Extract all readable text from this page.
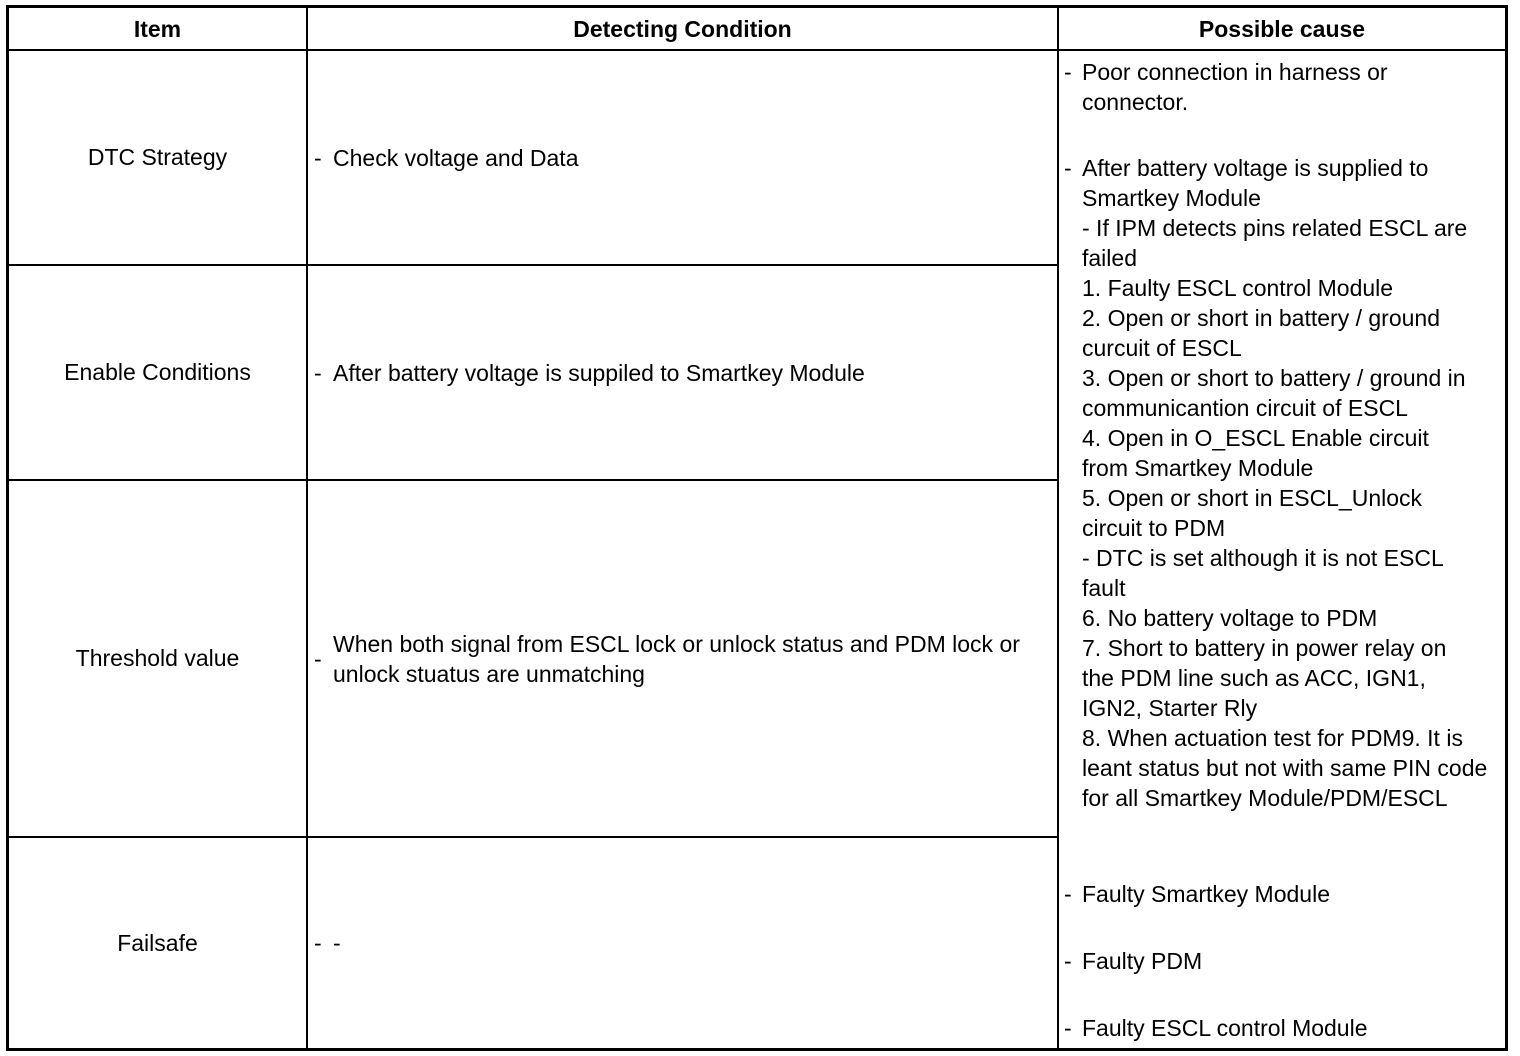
Item	Detecting Condition	Possible cause
DTC Strategy
Enable Conditions
Threshold value
Failsafe
- Check voltage and Data
- After battery voltage is suppiled to Smartkey Module
-
When both signal from ESCL lock or unlock status and PDM lock or unlock stuatus are unmatching
- -
- Poor connection in harness or connector.
- After battery voltage is supplied to Smartkey Module
- If IPM detects pins related ESCL are failed
1. Faulty ESCL control Module
2. Open or short in battery / ground curcuit of ESCL
3. Open or short to battery / ground in communicantion circuit of ESCL
4. Open in O_ESCL Enable circuit from Smartkey Module
5. Open or short in ESCL_Unlock circuit to PDM
- DTC is set although it is not ESCL fault
6. No battery voltage to PDM
7. Short to battery in power relay on the PDM line such as ACC, IGN1, IGN2, Starter Rly
8. When actuation test for PDM9. It is leant status but not with same PIN code for all Smartkey Module/PDM/ESCL
- Faulty Smartkey Module
- Faulty PDM
- Faulty ESCL control Module
